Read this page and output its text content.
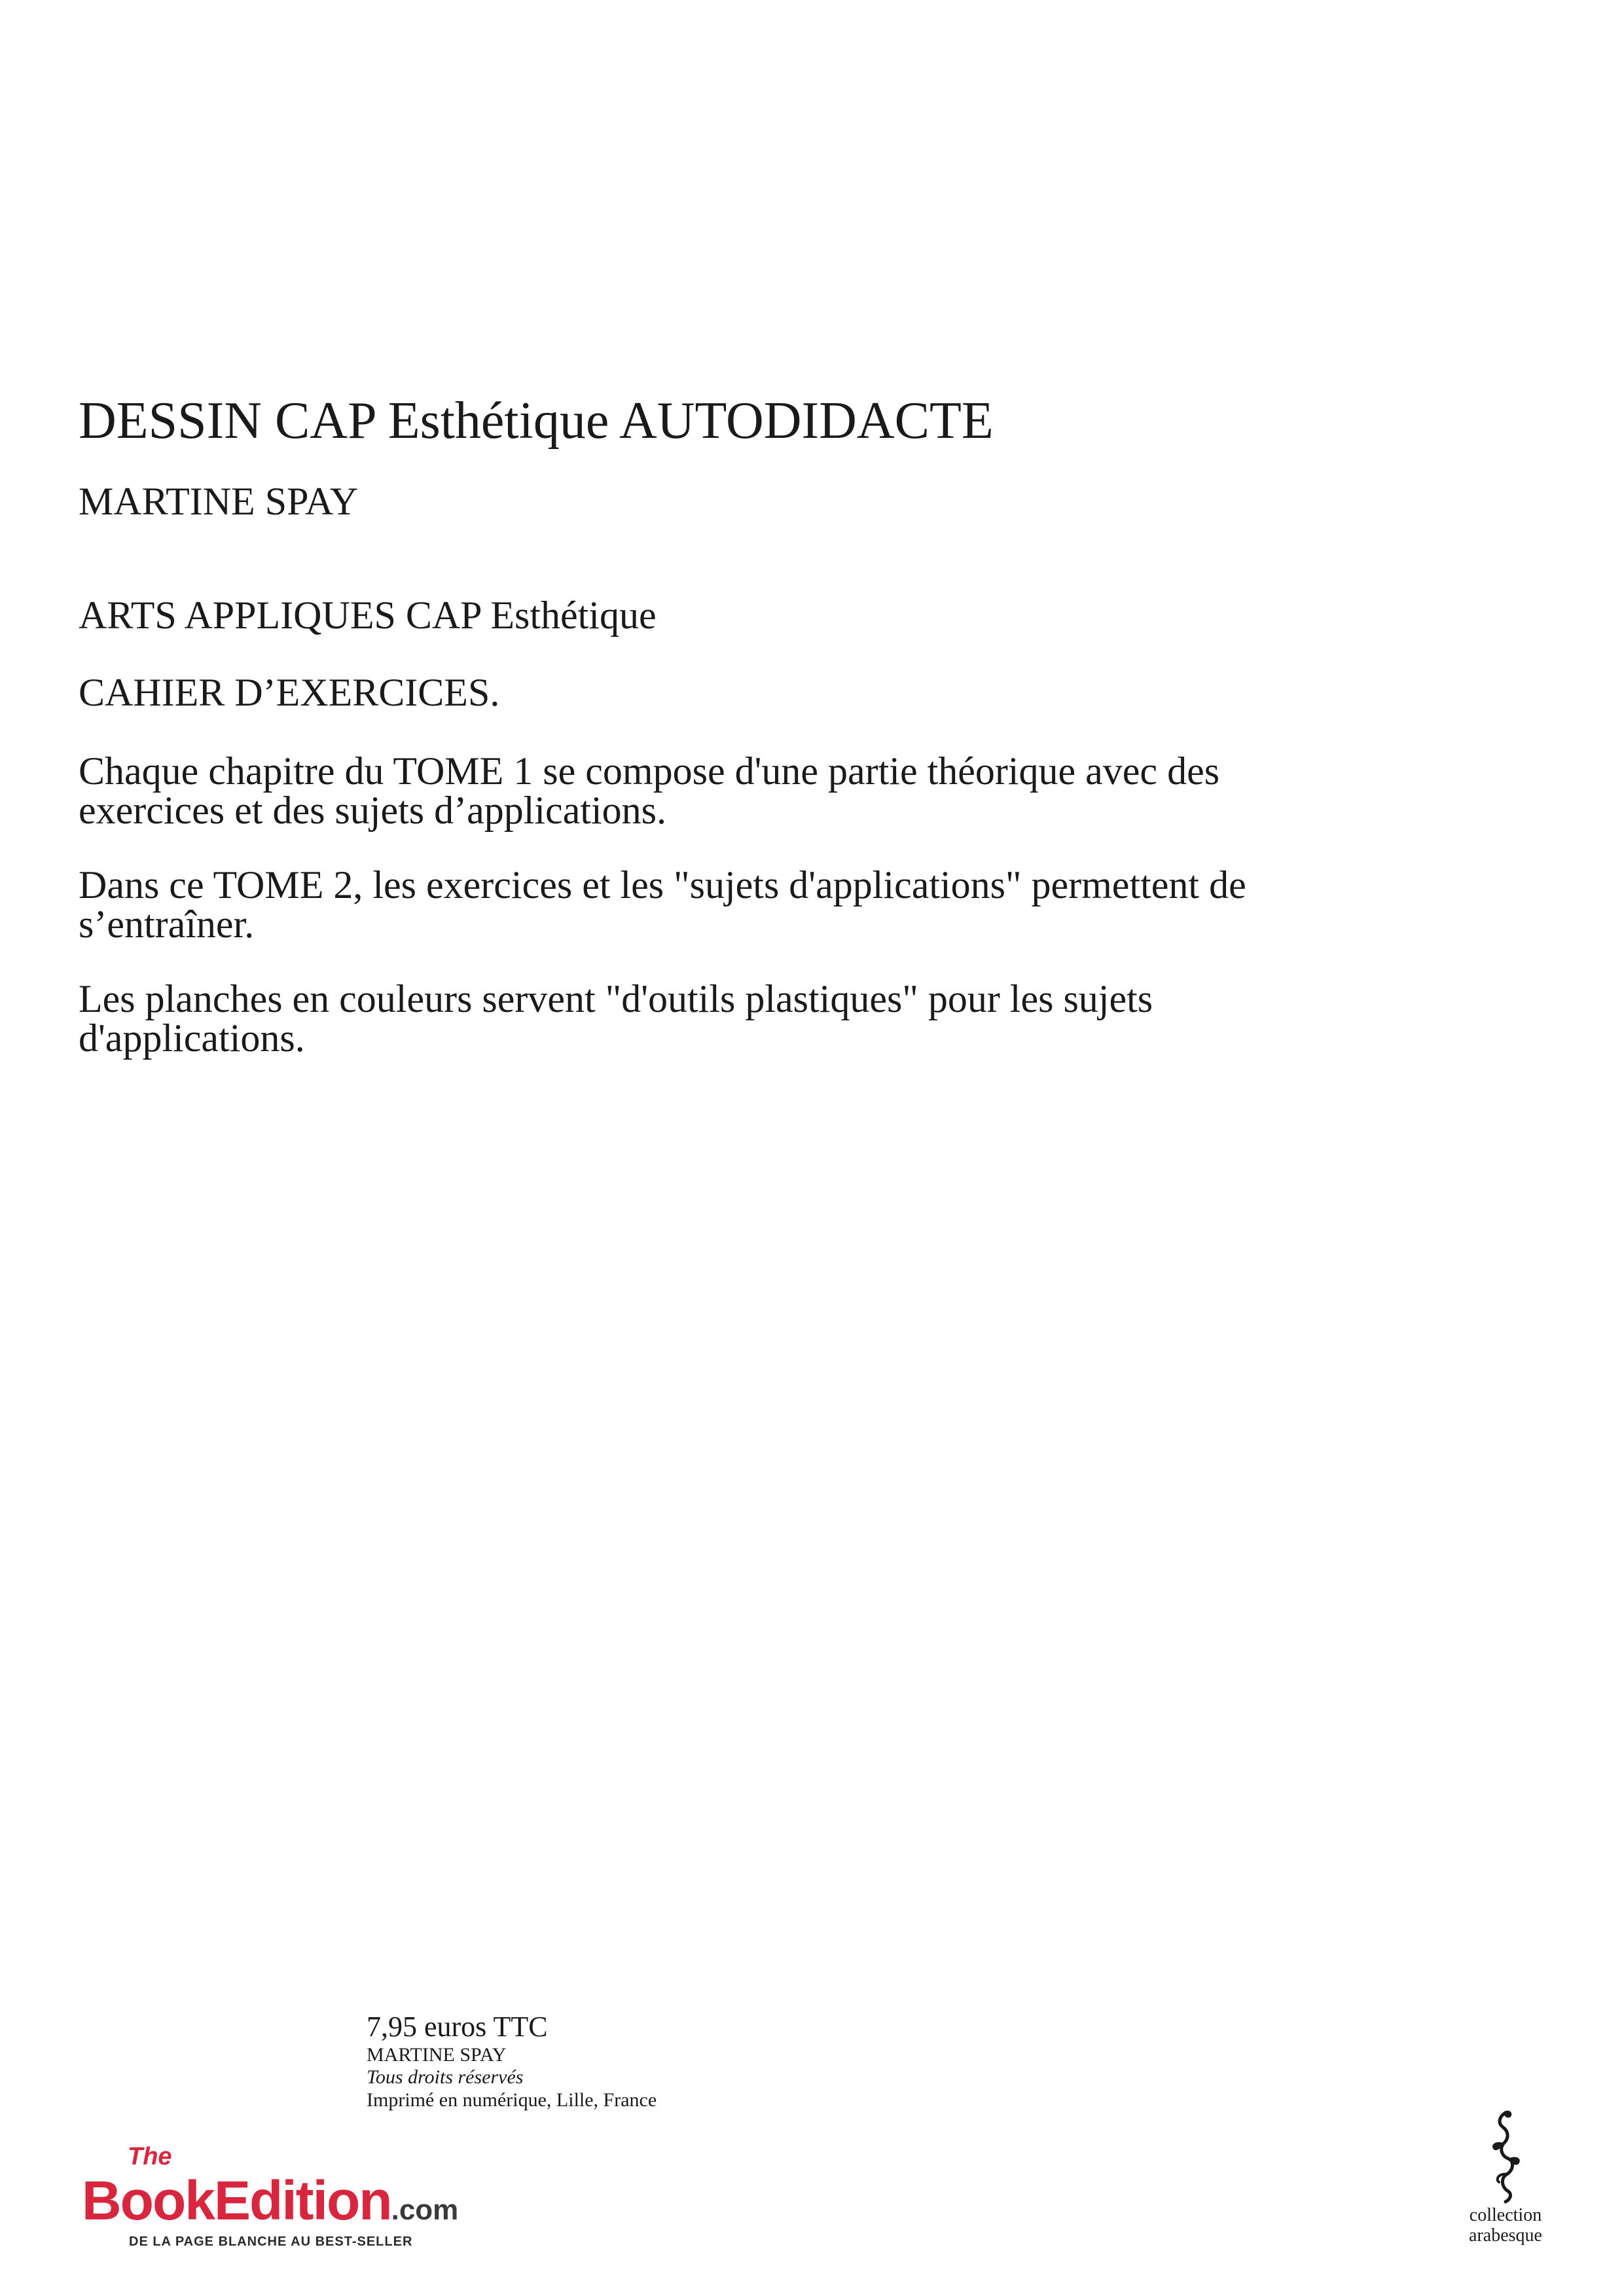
DESSIN CAP Esthétique AUTODIDACTE
MARTINE SPAY
ARTS APPLIQUES CAP Esthétique
CAHIER D’EXERCICES.
Chaque chapitre du TOME 1 se compose d'une partie théorique avec des exercices et des sujets d’applications.
Dans ce TOME 2, les exercices et les "sujets d'applications" permettent de s’entraîner.
Les planches en couleurs servent "d'outils plastiques" pour les sujets d'applications.
7,95 euros TTC
MARTINE SPAY
Tous droits réservés
Imprimé en numérique, Lille, France
The
BookEdition.com
DE LA PAGE BLANCHE AU BEST-SELLER
collection
arabesque
